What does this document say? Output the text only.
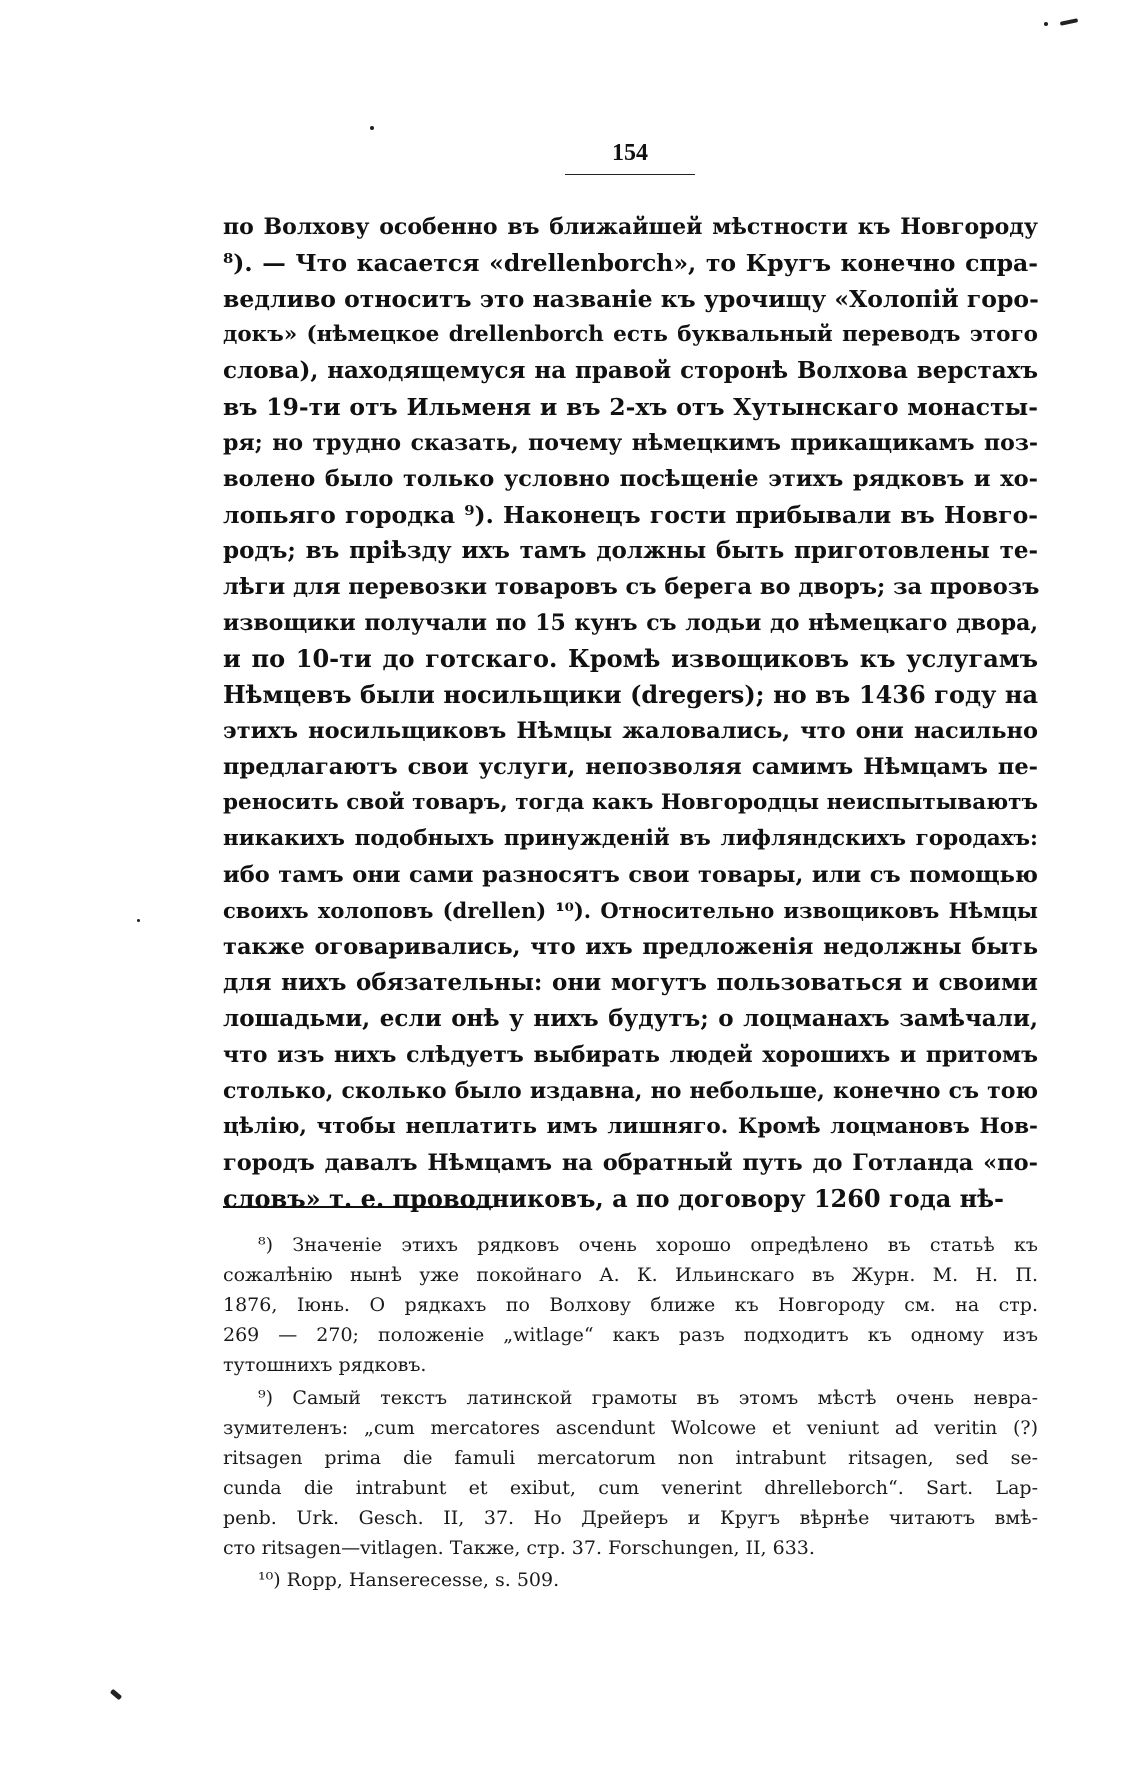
154

по Волхову особенно въ ближайшей мѣстности къ Новгороду

⁸). — Что касается «drellenborch», то Кругъ конечно спра-

ведливо относитъ это названіе къ урочищу «Холопій горо-

докъ» (нѣмецкое drellenborch есть буквальный переводъ этого

слова), находящемуся на правой сторонѣ Волхова верстахъ

въ 19-ти отъ Ильменя и въ 2-хъ отъ Хутынскаго монасты-

ря; но трудно сказать, почему нѣмецкимъ прикащикамъ поз-

волено было только условно посѣщеніе этихъ рядковъ и хо-

лопьяго городка ⁹). Наконецъ гости прибывали въ Новго-

родъ; въ пріѣзду ихъ тамъ должны быть приготовлены те-

лѣги для перевозки товаровъ съ берега во дворъ; за провозъ

извощики получали по 15 кунъ съ лодьи до нѣмецкаго двора,

и по 10-ти до готскаго. Кромѣ извощиковъ къ услугамъ

Нѣмцевъ были носильщики (dregers); но въ 1436 году на

этихъ носильщиковъ Нѣмцы жаловались, что они насильно

предлагаютъ свои услуги, непозволяя самимъ Нѣмцамъ пе-

реносить свой товаръ, тогда какъ Новгородцы неиспытываютъ

никакихъ подобныхъ принужденій въ лифляндскихъ городахъ:

ибо тамъ они сами разносятъ свои товары, или съ помощью

своихъ холоповъ (drellen) ¹⁰). Относительно извощиковъ Нѣмцы

также оговаривались, что ихъ предложенія недолжны быть

для нихъ обязательны: они могутъ пользоваться и своими

лошадьми, если онѣ у нихъ будутъ; о лоцманахъ замѣчали,

что изъ нихъ слѣдуетъ выбирать людей хорошихъ и притомъ

столько, сколько было издавна, но небольше, конечно съ тою

цѣлію, чтобы неплатить имъ лишняго. Кромѣ лоцмановъ Нов-

городъ давалъ Нѣмцамъ на обратный путь до Готланда «по-

словъ» т. е. проводниковъ, а по договору 1260 года нѣ-

⁸) Значеніе этихъ рядковъ очень хорошо опредѣлено въ статьѣ къ

сожалѣнію нынѣ уже покойнаго А. К. Ильинскаго въ Журн. М. Н. П.

1876, Іюнь. О рядкахъ по Волхову ближе къ Новгороду см. на стр.

269 — 270; положеніе „witlage“ какъ разъ подходитъ къ одному изъ

тутошнихъ рядковъ.

⁹) Самый текстъ латинской грамоты въ этомъ мѣстѣ очень невра-

зумителенъ: „cum mercatores ascendunt Wolcowe et veniunt ad veritin (?)

ritsagen prima die famuli mercatorum non intrabunt ritsagen, sed se-

cunda die intrabunt et exibut, cum venerint dhrelleborch“. Sart. Lap-

penb. Urk. Gesch. II, 37. Но Дрейеръ и Кругъ вѣрнѣе читаютъ вмѣ-

сто ritsagen—vitlagen. Также, стр. 37. Forschungen, II, 633.

¹⁰) Ropp, Hanserecesse, s. 509.
